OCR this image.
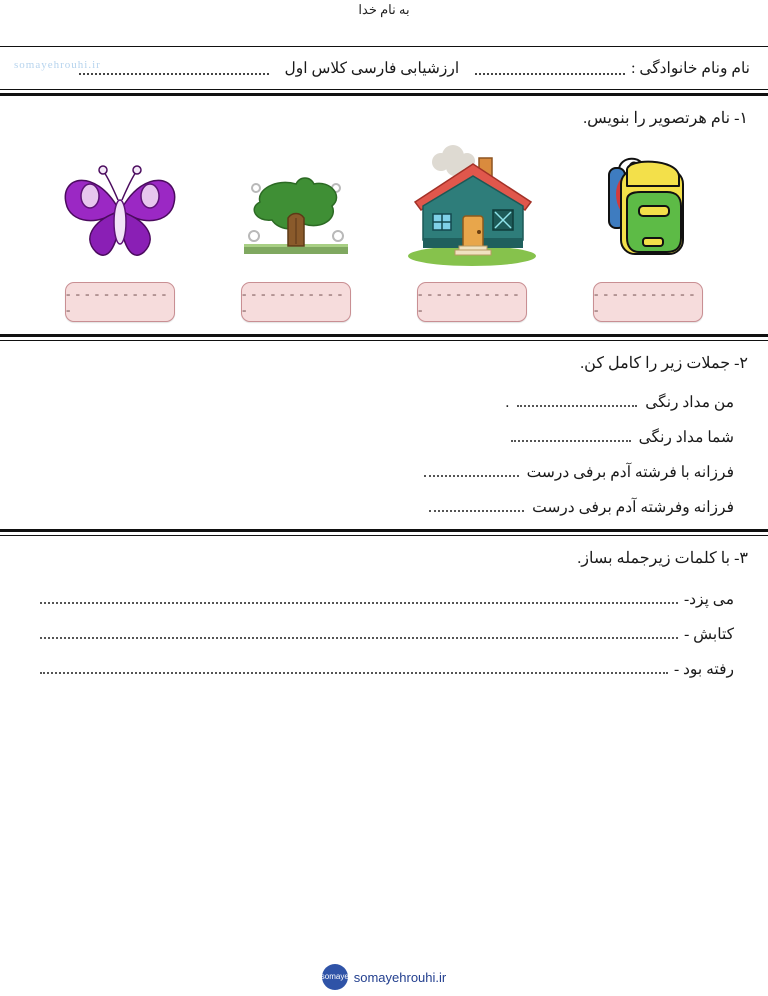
به نام خدا
somayehrouhi.ir	نام ونام خانوادگی :
ارزشیابی فارسی کلاس اول
۱- نام هرتصویر را بنویس.
- - - - - - - - - - - -
- - - - - - - - - - - -
- - - - - - - - - - - -
- - - - - - - - - - - -
۲- جملات زیر را کامل کن.
من مداد رنگی
.
شما مداد رنگی
فرزانه با فرشته آدم برفی درست
فرزانه وفرشته آدم برفی درست
۳- با کلمات زیرجمله بساز.
می پزد-
کتابش -
رفته بود -
somaye somayehrouhi.ir
